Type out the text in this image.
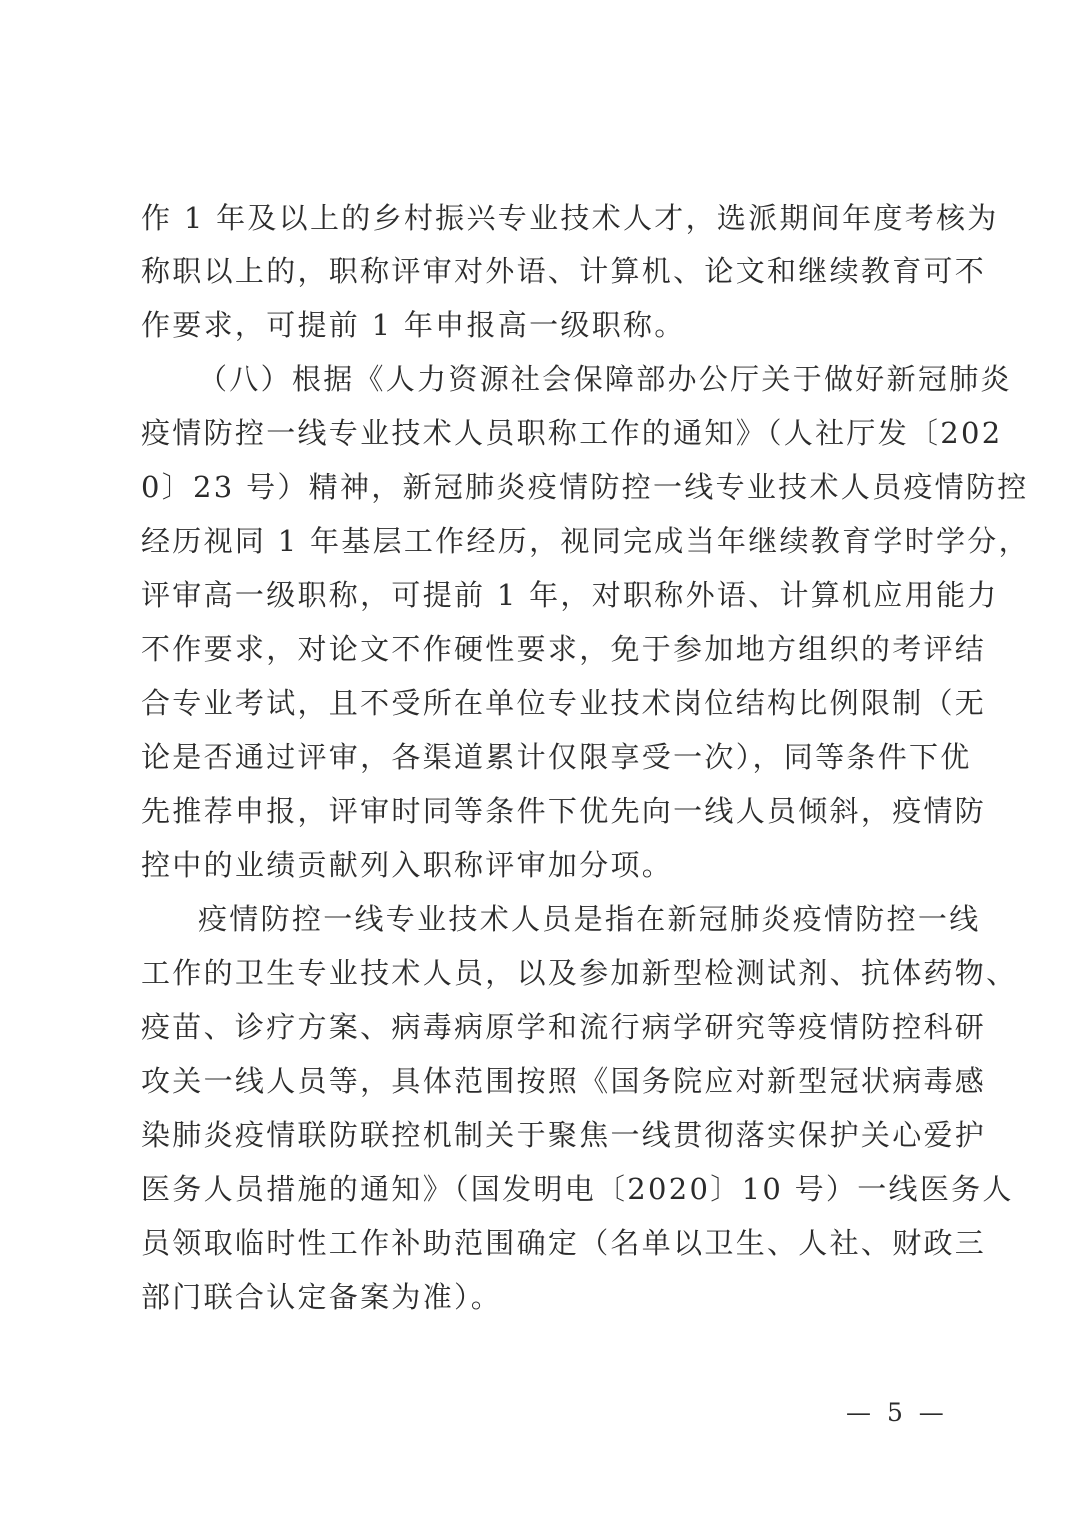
作 1 年及以上的乡村振兴专业技术人才，选派期间年度考核为
称职以上的，职称评审对外语、计算机、论文和继续教育可不
作要求，可提前 1 年申报高一级职称。
（八）根据《人力资源社会保障部办公厅关于做好新冠肺炎
疫情防控一线专业技术人员职称工作的通知》（人社厅发〔202
0〕23 号）精神，新冠肺炎疫情防控一线专业技术人员疫情防控
经历视同 1 年基层工作经历，视同完成当年继续教育学时学分，
评审高一级职称，可提前 1 年，对职称外语、计算机应用能力
不作要求，对论文不作硬性要求，免于参加地方组织的考评结
合专业考试，且不受所在单位专业技术岗位结构比例限制（无
论是否通过评审，各渠道累计仅限享受一次），同等条件下优
先推荐申报，评审时同等条件下优先向一线人员倾斜，疫情防
控中的业绩贡献列入职称评审加分项。
疫情防控一线专业技术人员是指在新冠肺炎疫情防控一线
工作的卫生专业技术人员，以及参加新型检测试剂、抗体药物、
疫苗、诊疗方案、病毒病原学和流行病学研究等疫情防控科研
攻关一线人员等，具体范围按照《国务院应对新型冠状病毒感
染肺炎疫情联防联控机制关于聚焦一线贯彻落实保护关心爱护
医务人员措施的通知》（国发明电〔2020〕10 号）一线医务人
员领取临时性工作补助范围确定（名单以卫生、人社、财政三
部门联合认定备案为准）。
— 5 —
